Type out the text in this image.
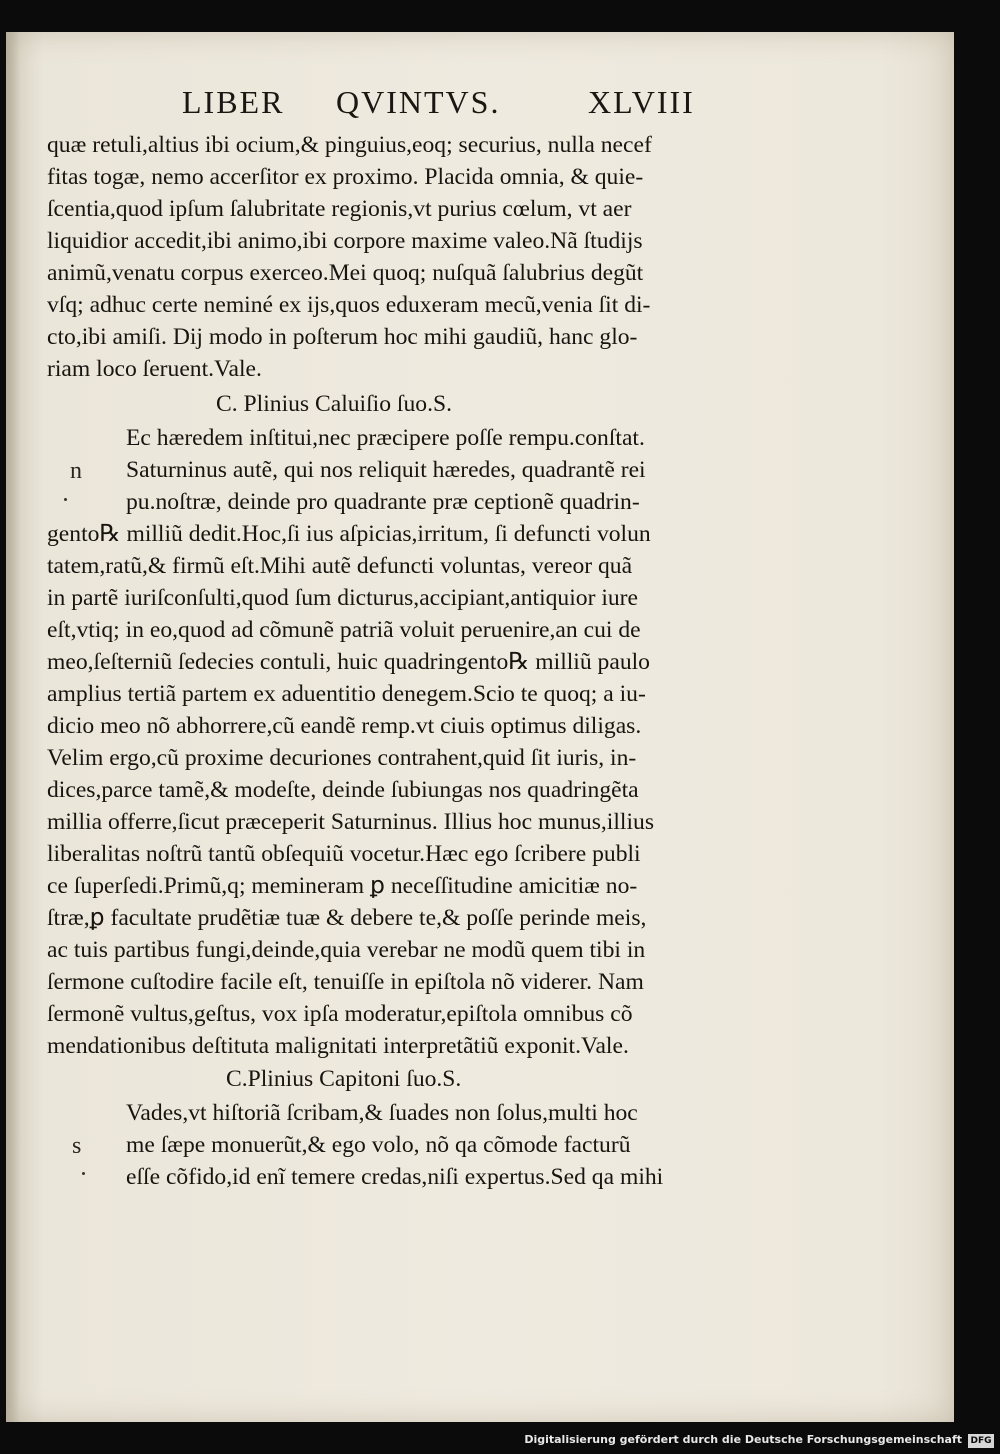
LIBER QVINTVS.	XLVIII
quæ retuli,altius ibi ocium,& pinguius,eoq; securius, nulla necef
fitas togæ, nemo accerſitor ex proximo. Placida omnia, & quie-
ſcentia,quod ipſum ſalubritate regionis,vt purius cœlum, vt aer
liquidior accedit,ibi animo,ibi corpore maxime valeo.Nã ſtudijs
animũ,venatu corpus exerceo.Mei quoq; nuſquã ſalubrius degũt
vſq; adhuc certe neminé ex ijs,quos eduxeram mecũ,venia ſit di-
cto,ibi amiſi. Dij modo in poſterum hoc mihi gaudiũ, hanc glo-
riam loco ſeruent.Vale.
C. Plinius Caluiſio ſuo.S.
Ec hæredem inſtitui,nec præcipere poſſe rempu.conſtat.
n Saturninus autẽ, qui nos reliquit hæredes, quadrantẽ rei
pu.noſtræ, deinde pro quadrante præ ceptionẽ quadrin-
gento℞ milliũ dedit.Hoc,ſi ius aſpicias,irritum, ſi defuncti volun
tatem,ratũ,& firmũ eſt.Mihi autẽ defuncti voluntas, vereor quã
in partẽ iuriſconſulti,quod ſum dicturus,accipiant,antiquior iure
eſt,vtiq; in eo,quod ad cõmunẽ patriã voluit peruenire,an cui de
meo,ſeſterniũ ſedecies contuli, huic quadringento℞ milliũ paulo
amplius tertiã partem ex aduentitio denegem.Scio te quoq; a iu-
dicio meo nõ abhorrere,cũ eandẽ remp.vt ciuis optimus diligas.
Velim ergo,cũ proxime decuriones contrahent,quid ſit iuris, in-
dices,parce tamẽ,& modeſte, deinde ſubiungas nos quadringẽta
millia offerre,ſicut præceperit Saturninus. Illius hoc munus,illius
liberalitas noſtrũ tantũ obſequiũ vocetur.Hæc ego ſcribere publi
ce ſuperſedi.Primũ,q; memineram ꝑ neceſſitudine amicitiæ no-
ſtræ,ꝑ facultate prudẽtiæ tuæ & debere te,& poſſe perinde meis,
ac tuis partibus fungi,deinde,quia verebar ne modũ quem tibi in
ſermone cuſtodire facile eſt, tenuiſſe in epiſtola nõ viderer. Nam
ſermonẽ vultus,geſtus, vox ipſa moderatur,epiſtola omnibus cõ
mendationibus deſtituta malignitati interpretãtiũ exponit.Vale.
C.Plinius Capitoni ſuo.S.
Vades,vt hiſtoriã ſcribam,& ſuades non ſolus,multi hoc
s me ſæpe monuerũt,& ego volo, nõ qa cõmode facturũ
eſſe cõfido,id enĩ temere credas,niſi expertus.Sed qa mihi
Digitalisierung gefördert durch die Deutsche Forschungsgemeinschaft DFG
